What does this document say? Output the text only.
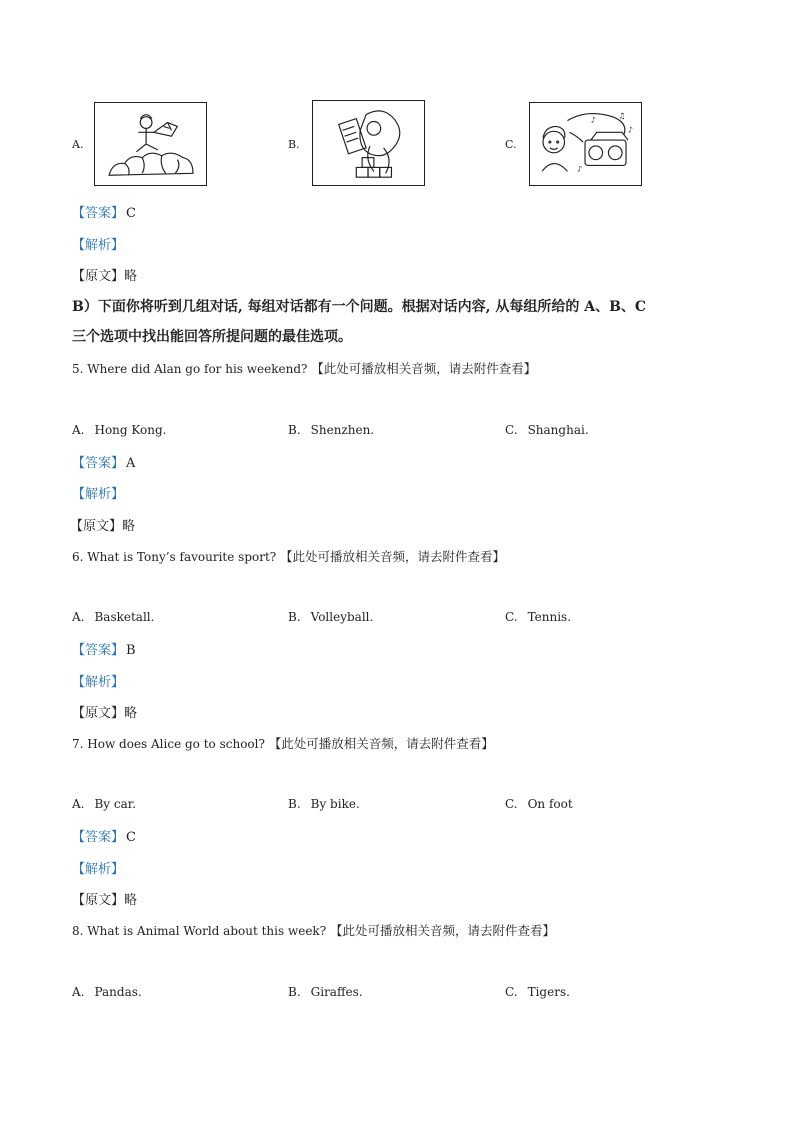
A.	B.	C.
♪	♫
♪
♪
【答案】 C
【解析】
【原文】略
B）下面你将听到几组对话, 每组对话都有一个问题。根据对话内容, 从每组所给的 A、B、C
三个选项中找出能回答所提问题的最佳选项。
5. Where did Alan go for his weekend? 【此处可播放相关音频，请去附件查看】
A. Hong Kong.	B. Shenzhen.	C. Shanghai.
【答案】 A
【解析】
【原文】略
6. What is Tony’s favourite sport? 【此处可播放相关音频，请去附件查看】
A. Basketall.	B. Volleyball.	C. Tennis.
【答案】 B
【解析】
【原文】略
7. How does Alice go to school? 【此处可播放相关音频，请去附件查看】
A. By car.	B. By bike.	C. On foot
【答案】 C
【解析】
【原文】略
8. What is Animal World about this week? 【此处可播放相关音频，请去附件查看】
A. Pandas.	B. Giraffes.	C. Tigers.
